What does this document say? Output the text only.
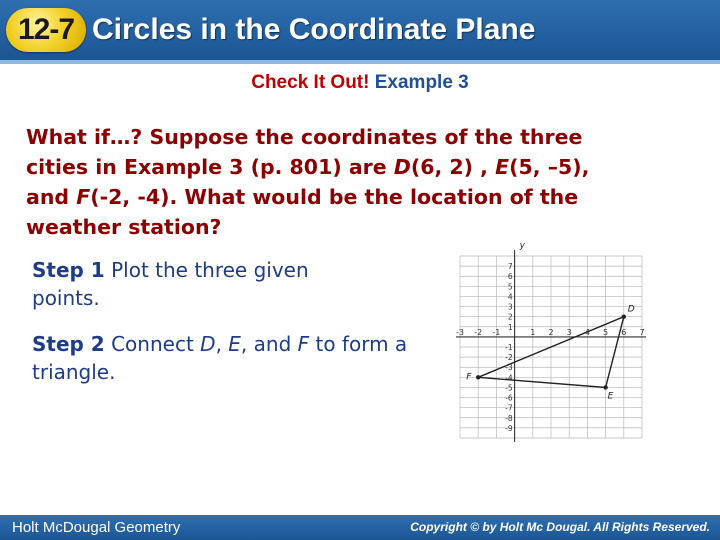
12-7 Circles in the Coordinate Plane
Check It Out! Example 3
What if…? Suppose the coordinates of the three
cities in Example 3 (p. 801) are D(6, 2) , E(5, –5),
and F(-2, -4). What would be the location of the
weather station?
Step 1 Plot the three given points.
Step 2 Connect D, E, and F to form a triangle.
y
-3 -2 -1	1 2 3 4 5 6 7
7
6
5
4
3
2
1
-1
-2
-3
-4
-5
-6
-7
-8
-9
D
E
F
Holt McDougal Geometry	Copyright © by Holt Mc Dougal. All Rights Reserved.
